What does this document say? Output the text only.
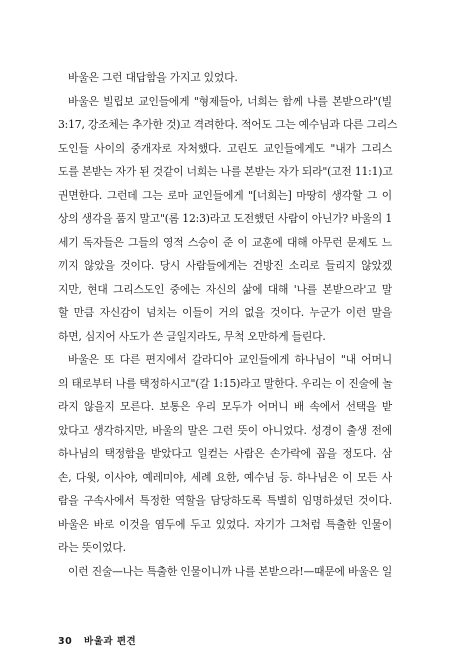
바울은 그런 대답함을 가지고 있었다.
바울은 빌립보 교인들에게 "형제들아, 너희는 함께 나를 본받으라"(빌
3:17, 강조체는 추가한 것)고 격려한다. 적어도 그는 예수님과 다른 그리스
도인들 사이의 중개자로 자처했다. 고린도 교인들에게도 "내가 그리스
도를 본받는 자가 된 것같이 너희는 나를 본받는 자가 되라"(고전 11:1)고
권면한다. 그런데 그는 로마 교인들에게 "[너희는] 마땅히 생각할 그 이
상의 생각을 품지 말고"(롬 12:3)라고 도전했던 사람이 아닌가? 바울의 1
세기 독자들은 그들의 영적 스승이 준 이 교훈에 대해 아무런 문제도 느
끼지 않았을 것이다. 당시 사람들에게는 건방진 소리로 들리지 않았겠
지만, 현대 그리스도인 중에는 자신의 삶에 대해 '나를 본받으라'고 말
할 만큼 자신감이 넘치는 이들이 거의 없을 것이다. 누군가 이런 말을
하면, 심지어 사도가 쓴 글일지라도, 무척 오만하게 들린다.
바울은 또 다른 편지에서 갈라디아 교인들에게 하나님이 "내 어머니
의 태로부터 나를 택정하시고"(갈 1:15)라고 말한다. 우리는 이 진술에 놀
라지 않을지 모른다. 보통은 우리 모두가 어머니 배 속에서 선택을 받
았다고 생각하지만, 바울의 말은 그런 뜻이 아니었다. 성경이 출생 전에
하나님의 택정함을 받았다고 일컫는 사람은 손가락에 꼽을 정도다. 삼
손, 다윗, 이사야, 예레미야, 세례 요한, 예수님 등. 하나님은 이 모든 사
람을 구속사에서 특정한 역할을 담당하도록 특별히 임명하셨던 것이다.
바울은 바로 이것을 염두에 두고 있었다. 자기가 그처럼 특출한 인물이
라는 뜻이었다.
이런 진술—나는 특출한 인물이니까 나를 본받으라!—때문에 바울은 일
30 바울과 편견
